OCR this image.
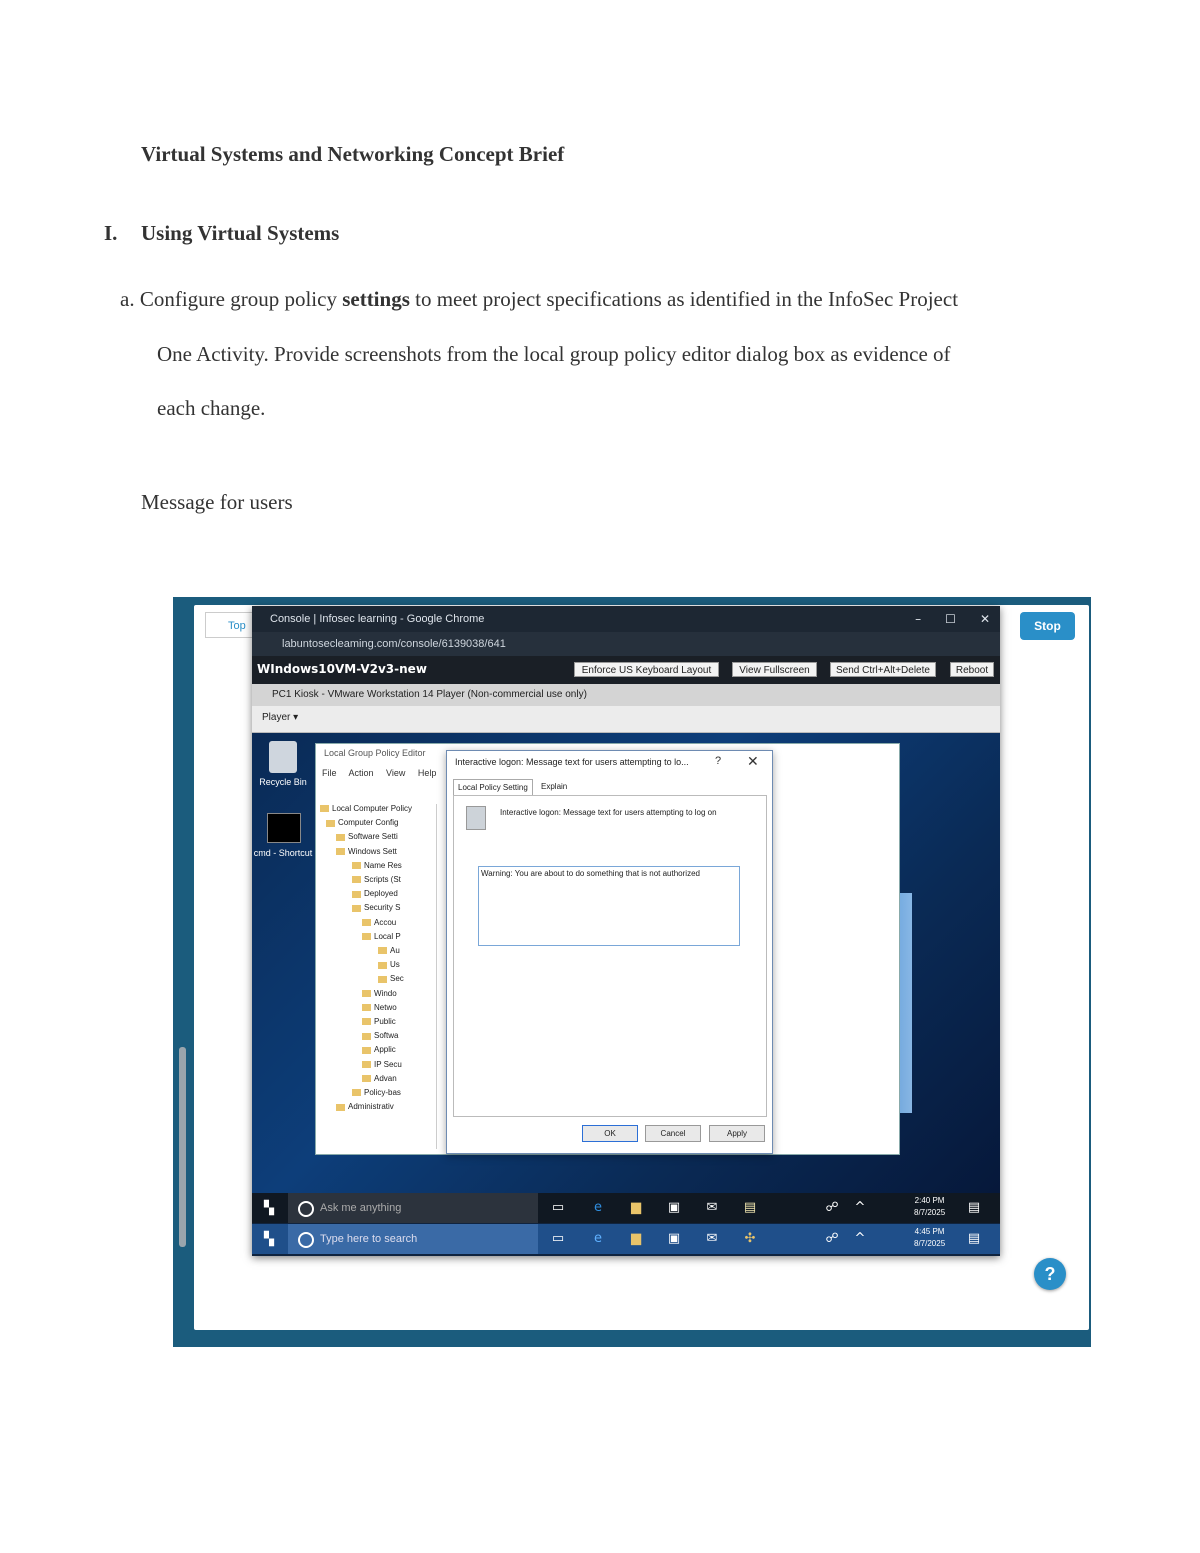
Virtual Systems and Networking Concept Brief
I. Using Virtual Systems
a. Configure group policy settings to meet project specifications as identified in the InfoSec Project
One Activity. Provide screenshots from the local group policy editor dialog box as evidence of
each change.
Message for users
Top	Stop
?
Console | Infosec learning - Google Chrome	– ☐ ✕
labuntosecleaming.com/console/6139038/641
WIndows10VM-V2v3-new	Enforce US Keyboard Layout	View Fullscreen	Send Ctrl+Alt+Delete	Reboot
PC1 Kiosk - VMware Workstation 14 Player (Non-commercial use only)
Player ▾
Recycle Bin
cmd - Shortcut
Local Group Policy Editor
File Action View Help
Local Computer Policy
Computer Config
Software Setti
Windows Sett
Name Res
Scripts (St
Deployed
Security S
Accou
Local P
Au
Us
Sec
Windo
Netwo
Public
Softwa
Applic
IP Secu
Advan
Policy-bas
Administrativ
Interactive logon: Message text for users attempting to lo... ? ✕
Local Policy Setting	Explain
Interactive logon: Message text for users attempting to log on
Warning: You are about to do something that is not authorized
OK	Cancel	Apply
▚	Ask me anything	▭	e	▆ ▣ ✉ ▤	☍ ^	2:40 PM
8/7/2025 ▤
▚	Type here to search	▭	e	▆ ▣ ✉ ✣	☍ ^	4:45 PM
8/7/2025 ▤
